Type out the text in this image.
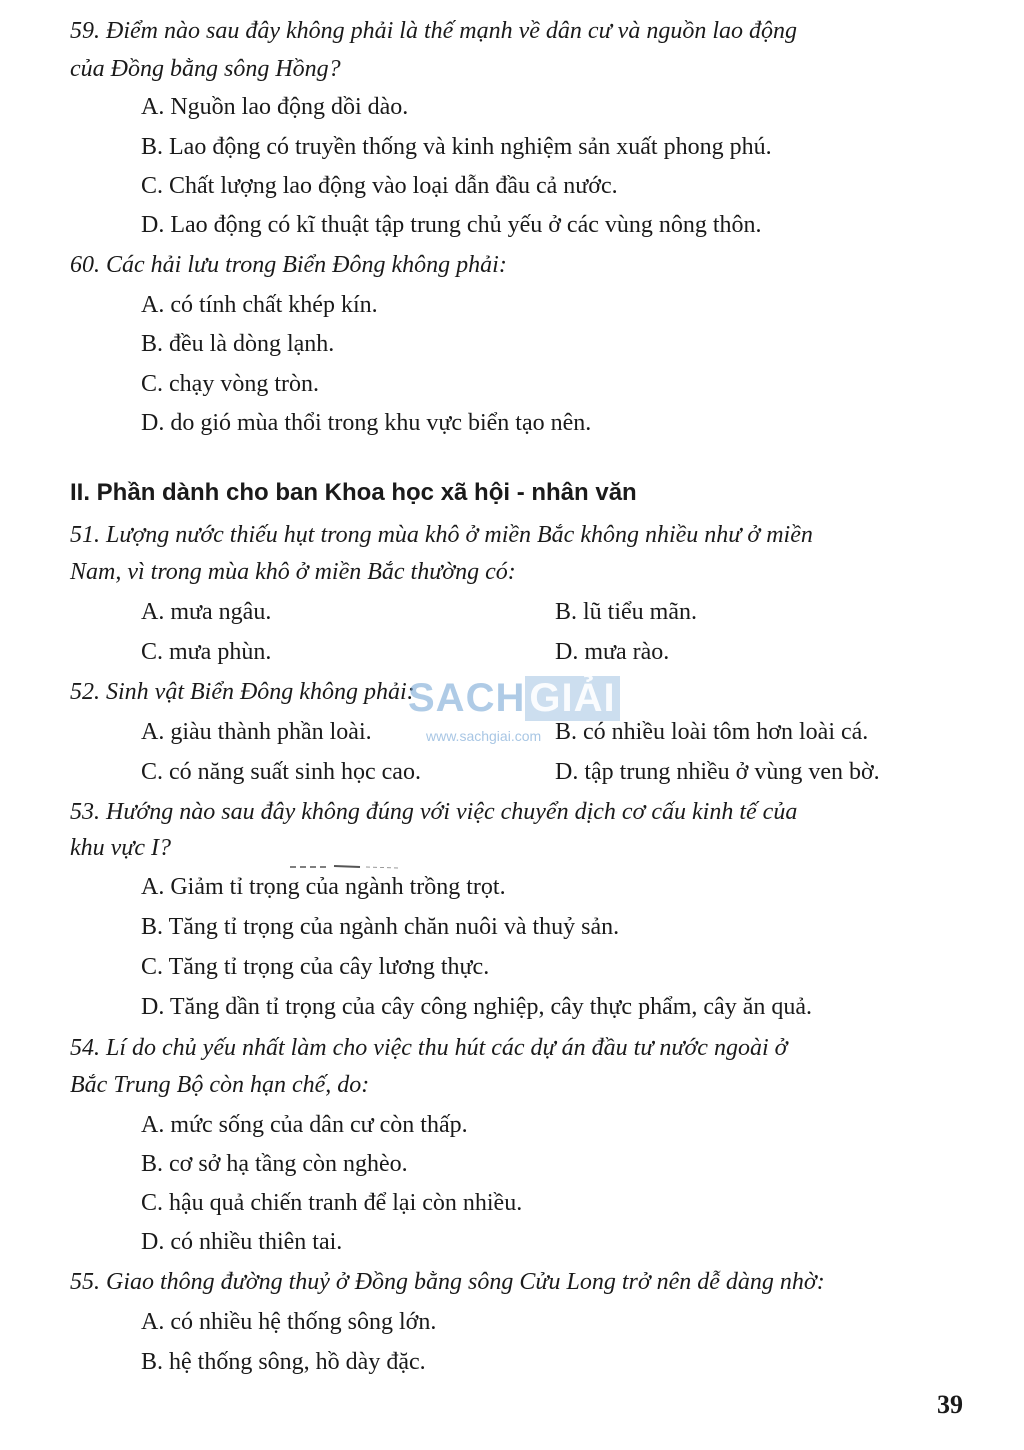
59. Điểm nào sau đây không phải là thế mạnh về dân cư và nguồn lao động
của Đồng bằng sông Hồng?
A. Nguồn lao động dồi dào.
B. Lao động có truyền thống và kinh nghiệm sản xuất phong phú.
C. Chất lượng lao động vào loại dẫn đầu cả nước.
D. Lao động có kĩ thuật tập trung chủ yếu ở các vùng nông thôn.
60. Các hải lưu trong Biển Đông không phải:
A. có tính chất khép kín.
B. đều là dòng lạnh.
C. chạy vòng tròn.
D. do gió mùa thổi trong khu vực biển tạo nên.
II. Phần dành cho ban Khoa học xã hội - nhân văn
51. Lượng nước thiếu hụt trong mùa khô ở miền Bắc không nhiều như ở miền
Nam, vì trong mùa khô ở miền Bắc thường có:
A. mưa ngâu.	B. lũ tiểu mãn.
C. mưa phùn.	D. mưa rào.
52. Sinh vật Biển Đông không phải:
A. giàu thành phần loài.	B. có nhiều loài tôm hơn loài cá.
C. có năng suất sinh học cao.	D. tập trung nhiều ở vùng ven bờ.
53. Hướng nào sau đây không đúng với việc chuyển dịch cơ cấu kinh tế của
khu vực I?
A. Giảm tỉ trọng của ngành trồng trọt.
B. Tăng tỉ trọng của ngành chăn nuôi và thuỷ sản.
C. Tăng tỉ trọng của cây lương thực.
D. Tăng dần tỉ trọng của cây công nghiệp, cây thực phẩm, cây ăn quả.
54. Lí do chủ yếu nhất làm cho việc thu hút các dự án đầu tư nước ngoài ở
Bắc Trung Bộ còn hạn chế, do:
A. mức sống của dân cư còn thấp.
B. cơ sở hạ tầng còn nghèo.
C. hậu quả chiến tranh để lại còn nhiều.
D. có nhiều thiên tai.
55. Giao thông đường thuỷ ở Đồng bằng sông Cửu Long trở nên dễ dàng nhờ:
A. có nhiều hệ thống sông lớn.
B. hệ thống sông, hồ dày đặc.
39
SACH GIẢI
www.sachgiai.com
